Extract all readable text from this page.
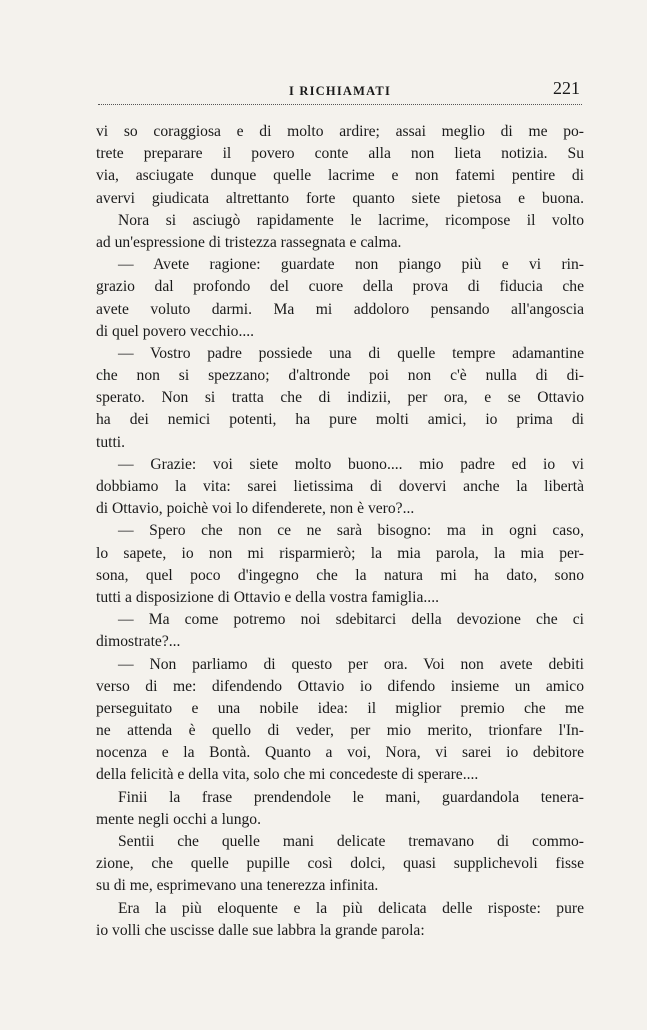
I RICHIAMATI	221
vi so coraggiosa e di molto ardire; assai meglio di me po-
trete preparare il povero conte alla non lieta notizia. Su
via, asciugate dunque quelle lacrime e non fatemi pentire di
avervi giudicata altrettanto forte quanto siete pietosa e buona.
Nora si asciugò rapidamente le lacrime, ricompose il volto
ad un'espressione di tristezza rassegnata e calma.
— Avete ragione: guardate non piango più e vi rin-
grazio dal profondo del cuore della prova di fiducia che
avete voluto darmi. Ma mi addoloro pensando all'angoscia
di quel povero vecchio....
— Vostro padre possiede una di quelle tempre adamantine
che non si spezzano; d'altronde poi non c'è nulla di di-
sperato. Non si tratta che di indizii, per ora, e se Ottavio
ha dei nemici potenti, ha pure molti amici, io prima di
tutti.
— Grazie: voi siete molto buono.... mio padre ed io vi
dobbiamo la vita: sarei lietissima di dovervi anche la libertà
di Ottavio, poichè voi lo difenderete, non è vero?...
— Spero che non ce ne sarà bisogno: ma in ogni caso,
lo sapete, io non mi risparmierò; la mia parola, la mia per-
sona, quel poco d'ingegno che la natura mi ha dato, sono
tutti a disposizione di Ottavio e della vostra famiglia....
— Ma come potremo noi sdebitarci della devozione che ci
dimostrate?...
— Non parliamo di questo per ora. Voi non avete debiti
verso di me: difendendo Ottavio io difendo insieme un amico
perseguitato e una nobile idea: il miglior premio che me
ne attenda è quello di veder, per mio merito, trionfare l'In-
nocenza e la Bontà. Quanto a voi, Nora, vi sarei io debitore
della felicità e della vita, solo che mi concedeste di sperare....
Finii la frase prendendole le mani, guardandola tenera-
mente negli occhi a lungo.
Sentii che quelle mani delicate tremavano di commo-
zione, che quelle pupille così dolci, quasi supplichevoli fisse
su di me, esprimevano una tenerezza infinita.
Era la più eloquente e la più delicata delle risposte: pure
io volli che uscisse dalle sue labbra la grande parola:
